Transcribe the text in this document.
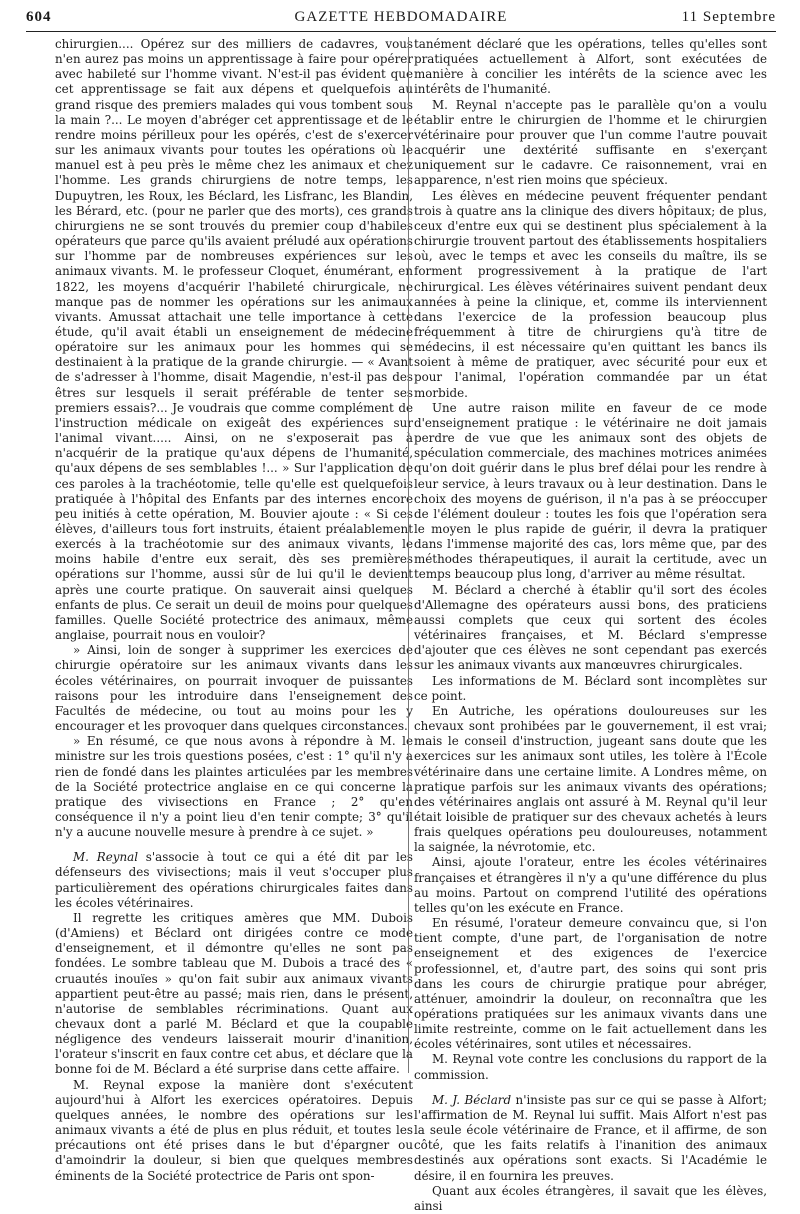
604	GAZETTE HEBDOMADAIRE	11 Septembre

chirurgien.... Opérez sur des milliers de cadavres, vous n'en aurez pas moins un apprentissage à faire pour opérer avec habileté sur l'homme vivant. N'est-il pas évident que cet apprentissage se fait aux dépens et quelquefois au grand risque des premiers malades qui vous tombent sous la main ?... Le moyen d'abréger cet apprentissage et de le rendre moins périlleux pour les opérés, c'est de s'exercer sur les animaux vivants pour toutes les opérations où le manuel est à peu près le même chez les animaux et chez l'homme. Les grands chirurgiens de notre temps, les Dupuytren, les Roux, les Béclard, les Lisfranc, les Blandin, les Bérard, etc. (pour ne parler que des morts), ces grands chirurgiens ne se sont trouvés du premier coup d'habiles opérateurs que parce qu'ils avaient préludé aux opérations sur l'homme par de nombreuses expériences sur les animaux vivants. M. le professeur Cloquet, énumérant, en 1822, les moyens d'acquérir l'habileté chirurgicale, ne manque pas de nommer les opérations sur les animaux vivants. Amussat attachait une telle importance à cette étude, qu'il avait établi un enseignement de médecine opératoire sur les animaux pour les hommes qui se destinaient à la pratique de la grande chirurgie. — « Avant de s'adresser à l'homme, disait Magendie, n'est-il pas des êtres sur lesquels il serait préférable de tenter ses premiers essais?... Je voudrais que comme complément de l'instruction médicale on exigeât des expériences sur l'animal vivant..... Ainsi, on ne s'exposerait pas à n'acquérir de la pratique qu'aux dépens de l'humanité, qu'aux dépens de ses semblables !... » Sur l'application de ces paroles à la trachéotomie, telle qu'elle est quelquefois pratiquée à l'hôpital des Enfants par des internes encore peu initiés à cette opération, M. Bouvier ajoute : « Si ces élèves, d'ailleurs tous fort instruits, étaient préalablement exercés à la trachéotomie sur des animaux vivants, le moins habile d'entre eux serait, dès ses premières opérations sur l'homme, aussi sûr de lui qu'il le devient après une courte pratique. On sauverait ainsi quelques enfants de plus. Ce serait un deuil de moins pour quelques familles. Quelle Société protectrice des animaux, même anglaise, pourrait nous en vouloir?

» Ainsi, loin de songer à supprimer les exercices de chirurgie opératoire sur les animaux vivants dans les écoles vétérinaires, on pourrait invoquer de puissantes raisons pour les introduire dans l'enseignement des Facultés de médecine, ou tout au moins pour les y encourager et les provoquer dans quelques circonstances.

» En résumé, ce que nous avons à répondre à M. le ministre sur les trois questions posées, c'est : 1° qu'il n'y a rien de fondé dans les plaintes articulées par les membres de la Société protectrice anglaise en ce qui concerne la pratique des vivisections en France ; 2° qu'en conséquence il n'y a point lieu d'en tenir compte; 3° qu'il n'y a aucune nouvelle mesure à prendre à ce sujet. »

M. Reynal s'associe à tout ce qui a été dit par les défenseurs des vivisections; mais il veut s'occuper plus particulièrement des opérations chirurgicales faites dans les écoles vétérinaires.

Il regrette les critiques amères que MM. Dubois (d'Amiens) et Béclard ont dirigées contre ce mode d'enseignement, et il démontre qu'elles ne sont pas fondées. Le sombre tableau que M. Dubois a tracé des « cruautés inouïes » qu'on fait subir aux animaux vivants appartient peut-être au passé; mais rien, dans le présent, n'autorise de semblables récriminations. Quant aux chevaux dont a parlé M. Béclard et que la coupable négligence des vendeurs laisserait mourir d'inanition, l'orateur s'inscrit en faux contre cet abus, et déclare que la bonne foi de M. Béclard a été surprise dans cette affaire.

M. Reynal expose la manière dont s'exécutent aujourd'hui à Alfort les exercices opératoires. Depuis quelques années, le nombre des opérations sur les animaux vivants a été de plus en plus réduit, et toutes les précautions ont été prises dans le but d'épargner ou d'amoindrir la douleur, si bien que quelques membres éminents de la Société protectrice de Paris ont spon-

tanément déclaré que les opérations, telles qu'elles sont pratiquées actuellement à Alfort, sont exécutées de manière à concilier les intérêts de la science avec les intérêts de l'humanité.

M. Reynal n'accepte pas le parallèle qu'on a voulu établir entre le chirurgien de l'homme et le chirurgien vétérinaire pour prouver que l'un comme l'autre pouvait acquérir une dextérité suffisante en s'exerçant uniquement sur le cadavre. Ce raisonnement, vrai en apparence, n'est rien moins que spécieux.

Les élèves en médecine peuvent fréquenter pendant trois à quatre ans la clinique des divers hôpitaux; de plus, ceux d'entre eux qui se destinent plus spécialement à la chirurgie trouvent partout des établissements hospitaliers où, avec le temps et avec les conseils du maître, ils se forment progressivement à la pratique de l'art chirurgical. Les élèves vétérinaires suivent pendant deux années à peine la clinique, et, comme ils interviennent dans l'exercice de la profession beaucoup plus fréquemment à titre de chirurgiens qu'à titre de médecins, il est nécessaire qu'en quittant les bancs ils soient à même de pratiquer, avec sécurité pour eux et pour l'animal, l'opération commandée par un état morbide.

Une autre raison milite en faveur de ce mode d'enseignement pratique : le vétérinaire ne doit jamais perdre de vue que les animaux sont des objets de spéculation commerciale, des machines motrices animées qu'on doit guérir dans le plus bref délai pour les rendre à leur service, à leurs travaux ou à leur destination. Dans le choix des moyens de guérison, il n'a pas à se préoccuper de l'élément douleur : toutes les fois que l'opération sera le moyen le plus rapide de guérir, il devra la pratiquer dans l'immense majorité des cas, lors même que, par des méthodes thérapeutiques, il aurait la certitude, avec un temps beaucoup plus long, d'arriver au même résultat.

M. Béclard a cherché à établir qu'il sort des écoles d'Allemagne des opérateurs aussi bons, des praticiens aussi complets que ceux qui sortent des écoles vétérinaires françaises, et M. Béclard s'empresse d'ajouter que ces élèves ne sont cependant pas exercés sur les animaux vivants aux manœuvres chirurgicales.

Les informations de M. Béclard sont incomplètes sur ce point.

En Autriche, les opérations douloureuses sur les chevaux sont prohibées par le gouvernement, il est vrai; mais le conseil d'instruction, jugeant sans doute que les exercices sur les animaux sont utiles, les tolère à l'École vétérinaire dans une certaine limite. A Londres même, on pratique parfois sur les animaux vivants des opérations; des vétérinaires anglais ont assuré à M. Reynal qu'il leur était loisible de pratiquer sur des chevaux achetés à leurs frais quelques opérations peu douloureuses, notamment la saignée, la névrotomie, etc.

Ainsi, ajoute l'orateur, entre les écoles vétérinaires françaises et étrangères il n'y a qu'une différence du plus au moins. Partout on comprend l'utilité des opérations telles qu'on les exécute en France.

En résumé, l'orateur demeure convaincu que, si l'on tient compte, d'une part, de l'organisation de notre enseignement et des exigences de l'exercice professionnel, et, d'autre part, des soins qui sont pris dans les cours de chirurgie pratique pour abréger, atténuer, amoindrir la douleur, on reconnaîtra que les opérations pratiquées sur les animaux vivants dans une limite restreinte, comme on le fait actuellement dans les écoles vétérinaires, sont utiles et nécessaires.

M. Reynal vote contre les conclusions du rapport de la commission.

M. J. Béclard n'insiste pas sur ce qui se passe à Alfort; l'affirmation de M. Reynal lui suffit. Mais Alfort n'est pas la seule école vétérinaire de France, et il affirme, de son côté, que les faits relatifs à l'inanition des animaux destinés aux opérations sont exacts. Si l'Académie le désire, il en fournira les preuves.

Quant aux écoles étrangères, il savait que les élèves, ainsi
